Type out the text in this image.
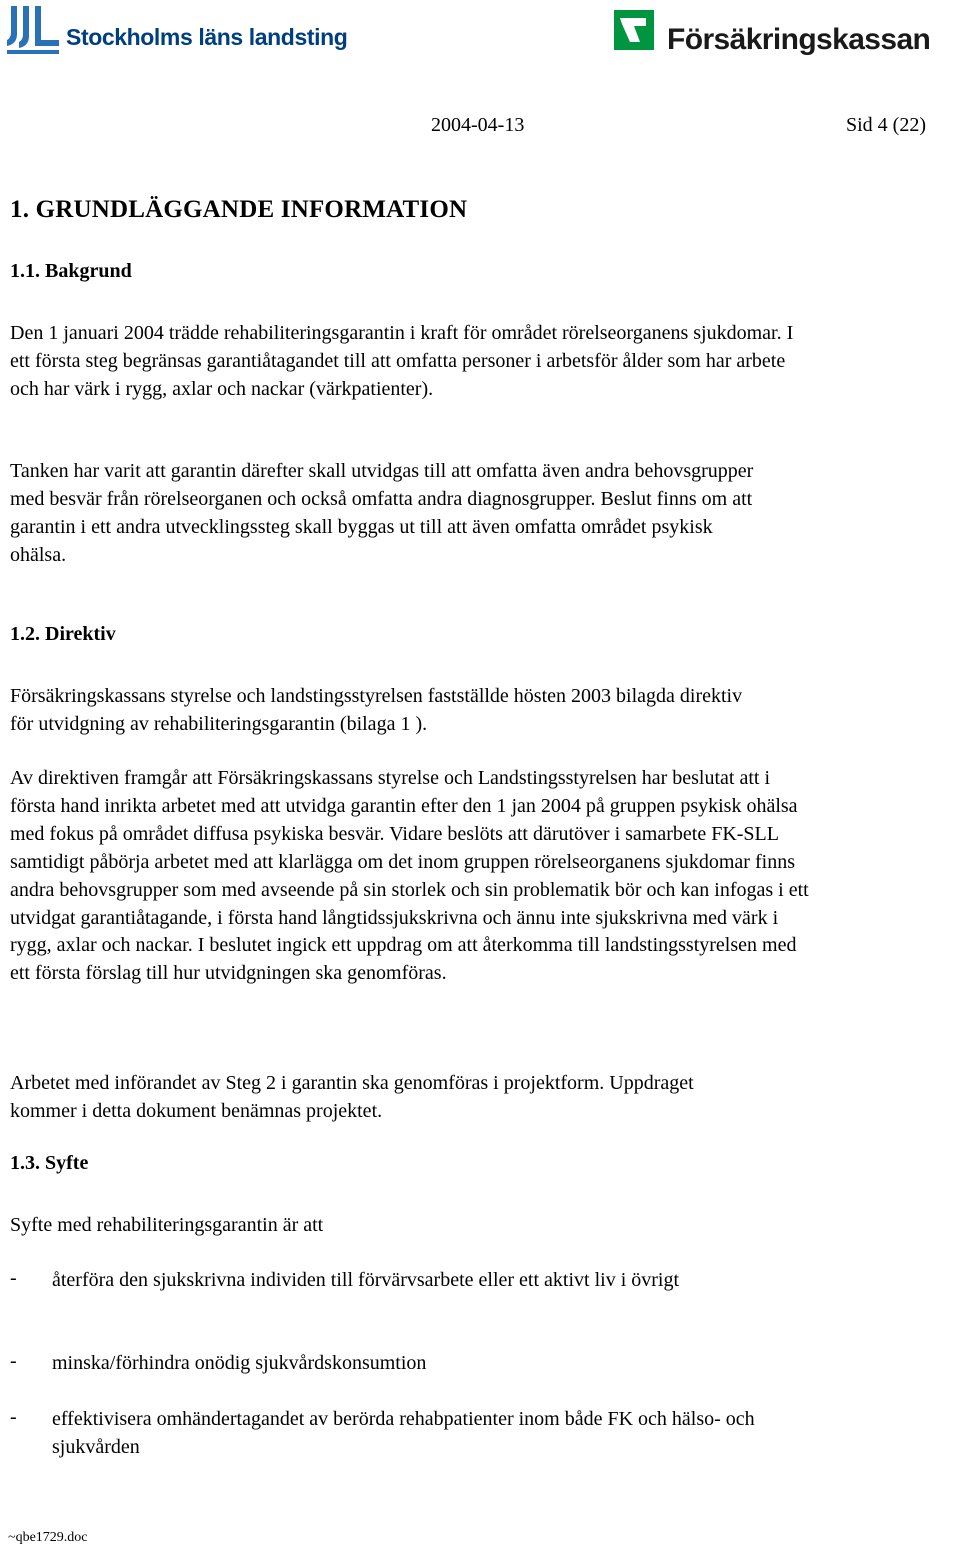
Stockholms läns landsting	Försäkringskassan
2004-04-13	Sid 4 (22)
1. GRUNDLÄGGANDE INFORMATION
1.1. Bakgrund
Den 1 januari 2004 trädde rehabiliteringsgarantin i kraft för området rörelseorganens sjukdomar. I ett första steg begränsas garantiåtagandet till att omfatta personer i arbetsför ålder som har arbete och har värk i rygg, axlar och nackar (värkpatienter).
Tanken har varit att garantin därefter skall utvidgas till att omfatta även andra behovsgrupper med besvär från rörelseorganen och också omfatta andra diagnosgrupper. Beslut finns om att garantin i ett andra utvecklingssteg skall byggas ut till att även omfatta området psykisk ohälsa.
1.2. Direktiv
Försäkringskassans styrelse och landstingsstyrelsen fastställde hösten 2003 bilagda direktiv för utvidgning av rehabiliteringsgarantin (bilaga 1 ).
Av direktiven framgår att Försäkringskassans styrelse och Landstingsstyrelsen har beslutat att i första hand inrikta arbetet med att utvidga garantin efter den 1 jan 2004 på gruppen psykisk ohälsa med fokus på området diffusa psykiska besvär. Vidare beslöts att därutöver i samarbete FK-SLL samtidigt påbörja arbetet med att klarlägga om det inom gruppen rörelseorganens sjukdomar finns andra behovsgrupper som med avseende på sin storlek och sin problematik bör och kan infogas i ett utvidgat garantiåtagande, i första hand långtidssjukskrivna och ännu inte sjukskrivna med värk i rygg, axlar och nackar. I beslutet ingick ett uppdrag om att återkomma till landstingsstyrelsen med ett första förslag till hur utvidgningen ska genomföras.
Arbetet med införandet av Steg 2 i garantin ska genomföras i projektform. Uppdraget kommer i detta dokument benämnas projektet.
1.3. Syfte
Syfte med rehabiliteringsgarantin är att
- återföra den sjukskrivna individen till förvärvsarbete eller ett aktivt liv i övrigt
- minska/förhindra onödig sjukvårdskonsumtion
- effektivisera omhändertagandet av berörda rehabpatienter inom både FK och hälso- och sjukvården
~qbe1729.doc
